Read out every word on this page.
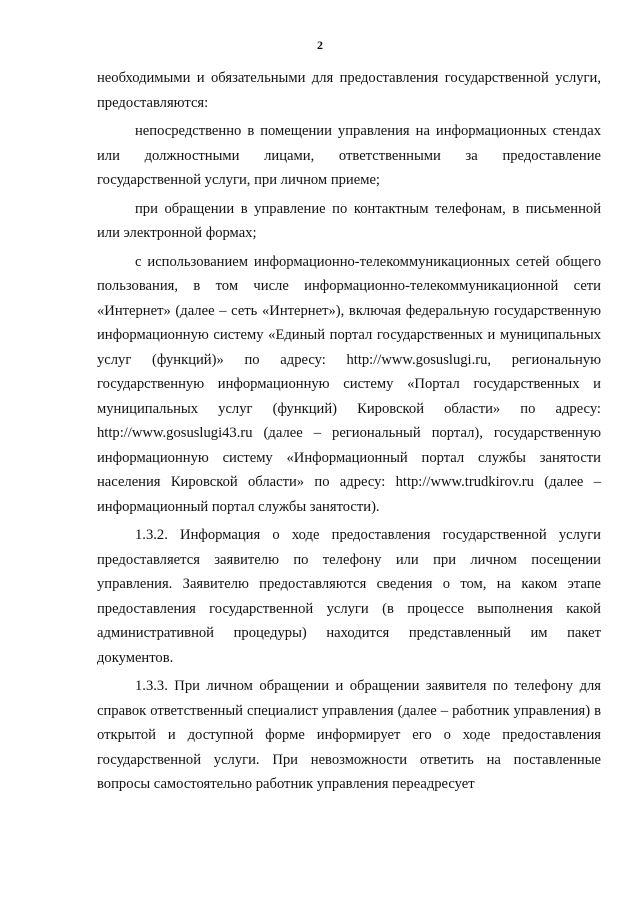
2

необходимыми и обязательными для предоставления государственной услуги, предоставляются:

непосредственно в помещении управления на информационных стендах или должностными лицами, ответственными за предоставление государственной услуги, при личном приеме;

при обращении в управление по контактным телефонам, в письменной или электронной формах;

с использованием информационно-телекоммуникационных сетей общего пользования, в том числе информационно-телекоммуникационной сети «Интернет» (далее – сеть «Интернет»), включая федеральную государственную информационную систему «Единый портал государственных и муниципальных услуг (функций)» по адресу: http://www.gosuslugi.ru, региональную государственную информационную систему «Портал государственных и муниципальных услуг (функций) Кировской области» по адресу: http://www.gosuslugi43.ru (далее – региональный портал), государственную информационную систему «Информационный портал службы занятости населения Кировской области» по адресу: http://www.trudkirov.ru (далее – информационный портал службы занятости).

1.3.2. Информация о ходе предоставления государственной услуги предоставляется заявителю по телефону или при личном посещении управления. Заявителю предоставляются сведения о том, на каком этапе предоставления государственной услуги (в процессе выполнения какой административной процедуры) находится представленный им пакет документов.

1.3.3. При личном обращении и обращении заявителя по телефону для справок ответственный специалист управления (далее – работник управления) в открытой и доступной форме информирует его о ходе предоставления государственной услуги. При невозможности ответить на поставленные вопросы самостоятельно работник управления переадресует
